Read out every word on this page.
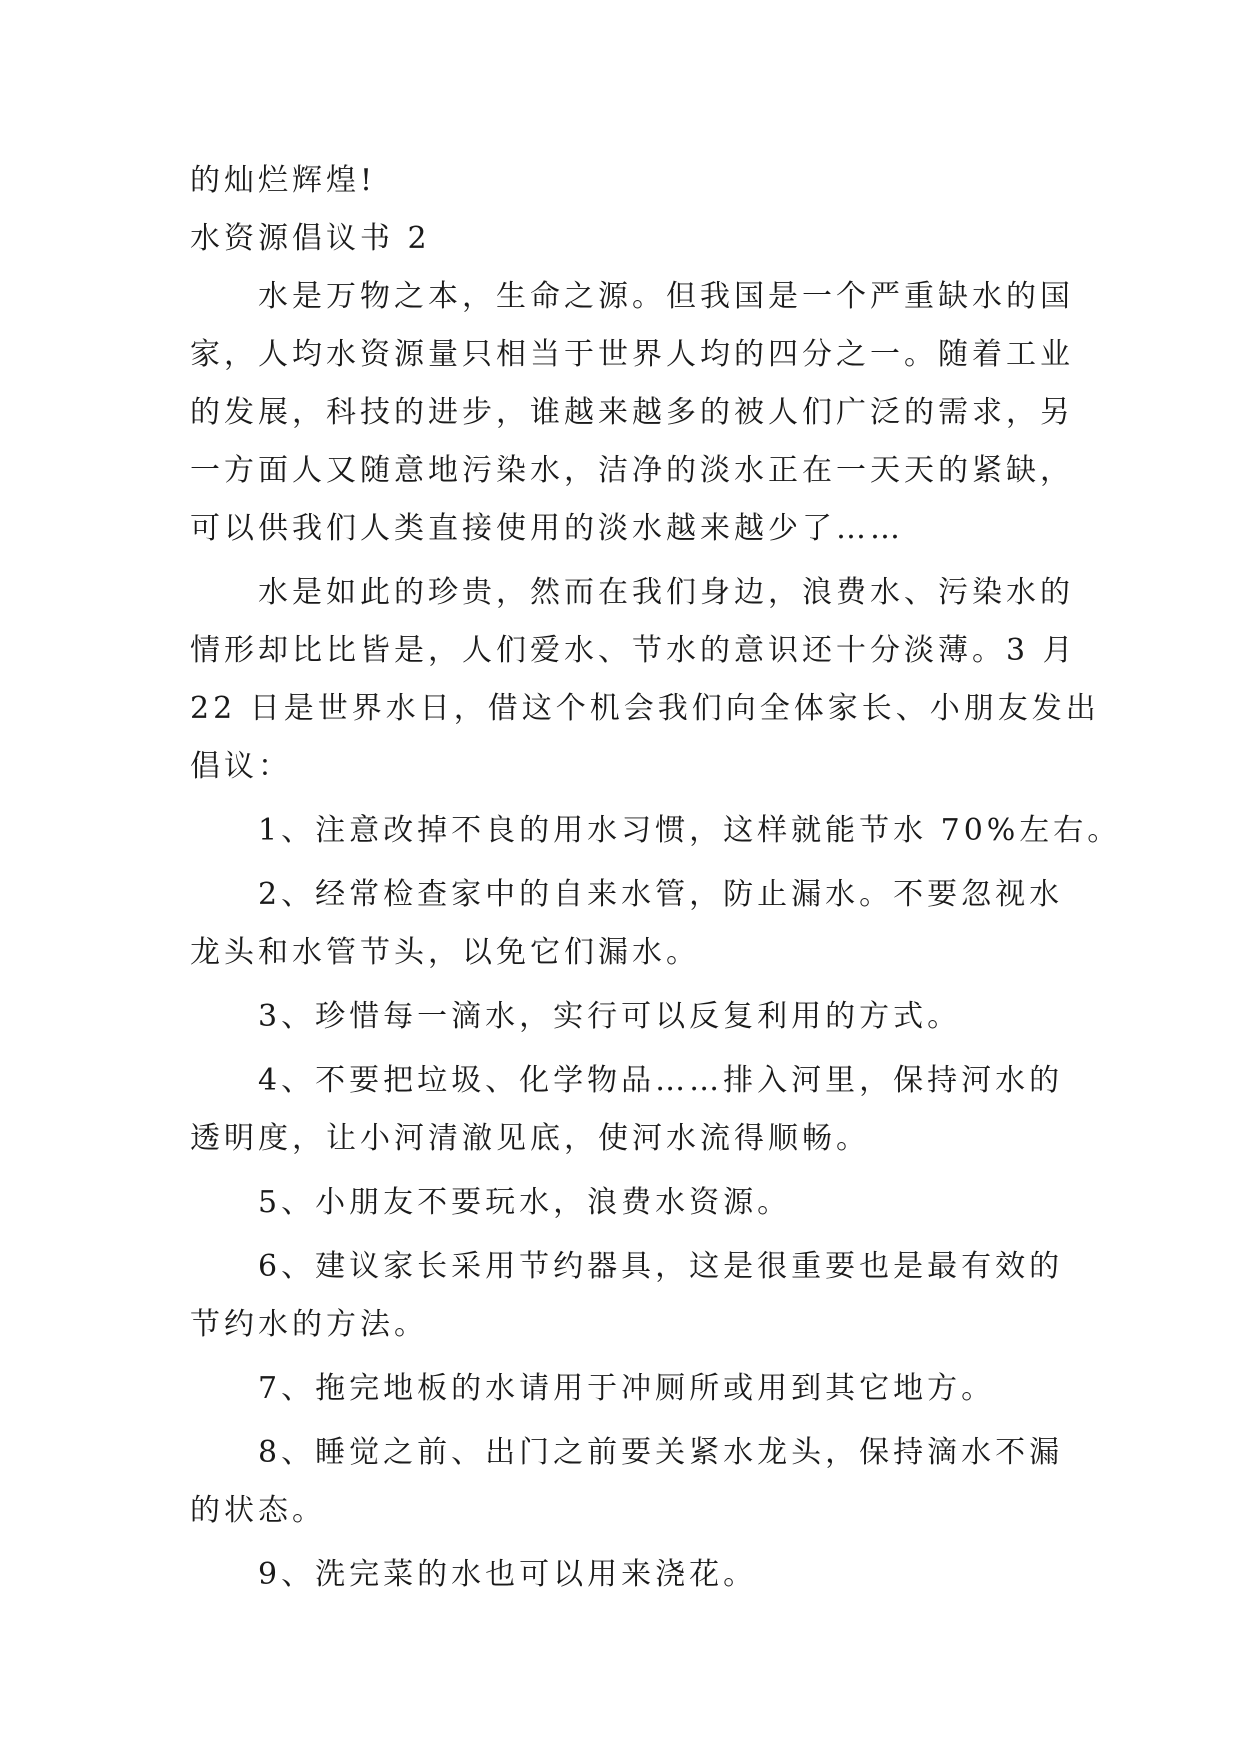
的灿烂辉煌!

水资源倡议书 2

水是万物之本，生命之源。但我国是一个严重缺水的国

家，人均水资源量只相当于世界人均的四分之一。随着工业

的发展，科技的进步，谁越来越多的被人们广泛的需求，另

一方面人又随意地污染水，洁净的淡水正在一天天的紧缺，

可以供我们人类直接使用的淡水越来越少了……

水是如此的珍贵，然而在我们身边，浪费水、污染水的

情形却比比皆是，人们爱水、节水的意识还十分淡薄。3 月

22 日是世界水日，借这个机会我们向全体家长、小朋友发出

倡议：

1、注意改掉不良的用水习惯，这样就能节水 70%左右。

2、经常检查家中的自来水管，防止漏水。不要忽视水

龙头和水管节头，以免它们漏水。

3、珍惜每一滴水，实行可以反复利用的方式。

4、不要把垃圾、化学物品……排入河里，保持河水的

透明度，让小河清澈见底，使河水流得顺畅。

5、小朋友不要玩水，浪费水资源。

6、建议家长采用节约器具，这是很重要也是最有效的

节约水的方法。

7、拖完地板的水请用于冲厕所或用到其它地方。

8、睡觉之前、出门之前要关紧水龙头，保持滴水不漏

的状态。

9、洗完菜的水也可以用来浇花。
